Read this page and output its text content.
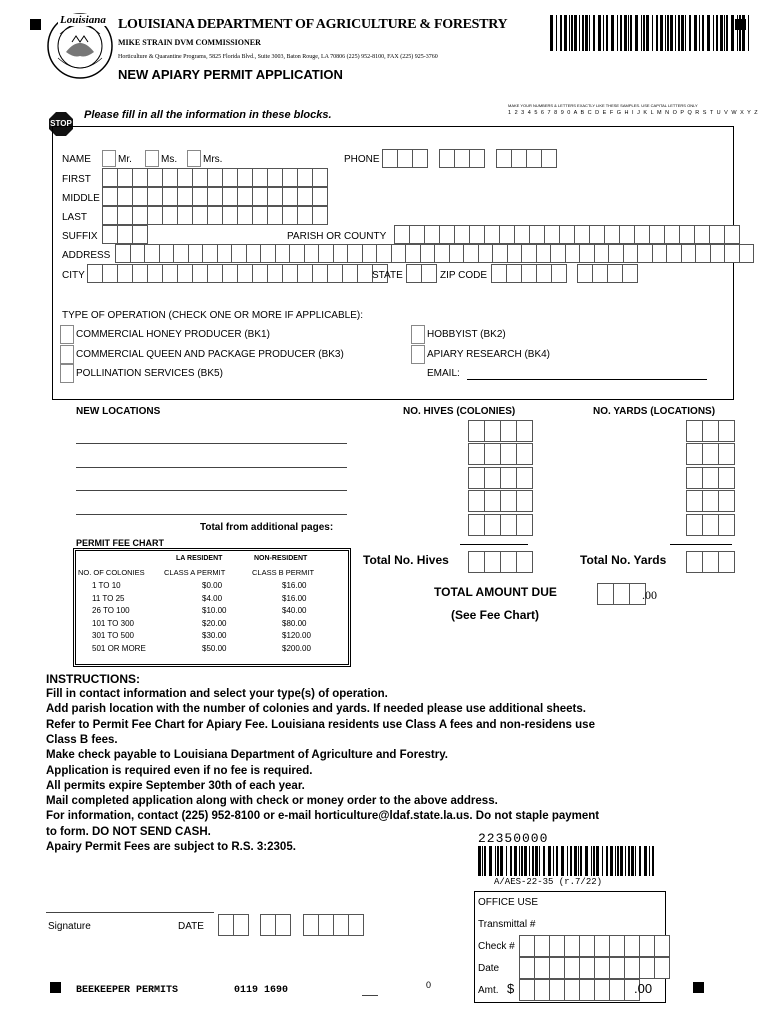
Louisiana LOUISIANA DEPARTMENT OF AGRICULTURE & FORESTRY
MIKE STRAIN DVM COMMISSIONER
Horticulture & Quarantine Programs, 5825 Florida Blvd., Suite 3003, Baton Rouge, LA 70806 (225) 952-8100, FAX (225) 925-3760
NEW APIARY PERMIT APPLICATION
STOP
Please fill in all the information in these blocks.
MAKE YOUR NUMBERS & LETTERS EXACTLY LIKE THESE SAMPLES. USE CAPITAL LETTERS ONLY
1 2 3 4 5 6 7 8 9 0 A B C D E F G H I J K L M N O P Q R S T U V W X Y Z
NAME	Mr.	Ms.	Mrs.	PHONE
FIRST
MIDDLE
LAST
SUFFIX	PARISH OR COUNTY
ADDRESS
CITY	STATE	ZIP CODE
TYPE OF OPERATION (CHECK ONE OR MORE IF APPLICABLE):
COMMERCIAL HONEY PRODUCER (BK1)
COMMERCIAL QUEEN AND PACKAGE PRODUCER (BK3)
POLLINATION SERVICES (BK5)
HOBBYIST (BK2)
APIARY RESEARCH (BK4)
EMAIL:
NEW LOCATIONS	NO. HIVES (COLONIES)	NO. YARDS (LOCATIONS)
Total from additional pages:
Total No. Hives	Total No. Yards
TOTAL AMOUNT DUE	.00
(See Fee Chart)
PERMIT FEE CHART
LA RESIDENT	NON-RESIDENT
NO. OF COLONIES	CLASS A PERMIT	CLASS B PERMIT
1 TO 10	$0.00	$16.00
11 TO 25	$4.00	$16.00
26 TO 100	$10.00	$40.00
101 TO 300	$20.00	$80.00
301 TO 500	$30.00	$120.00
501 OR MORE	$50.00	$200.00
INSTRUCTIONS:
Fill in contact information and select your type(s) of operation.
Add parish location with the number of colonies and yards. If needed please use additional sheets.
Refer to Permit Fee Chart for Apiary Fee. Louisiana residents use Class A fees and non-residens use
Class B fees.
Make check payable to Louisiana Department of Agriculture and Forestry.
Application is required even if no fee is required.
All permits expire September 30th of each year.
Mail completed application along with check or money order to the above address.
For information, contact (225) 952-8100 or e-mail horticulture@ldaf.state.la.us. Do not staple payment
to form. DO NOT SEND CASH.
Apairy Permit Fees are subject to R.S. 3:2305.
22350000
A/AES-22-35 (r.7/22)
Signature	DATE
OFFICE USE
Transmittal #
Check #
Date
Amt. $	.00
BEEKEEPER PERMITS	0119 1690	0
